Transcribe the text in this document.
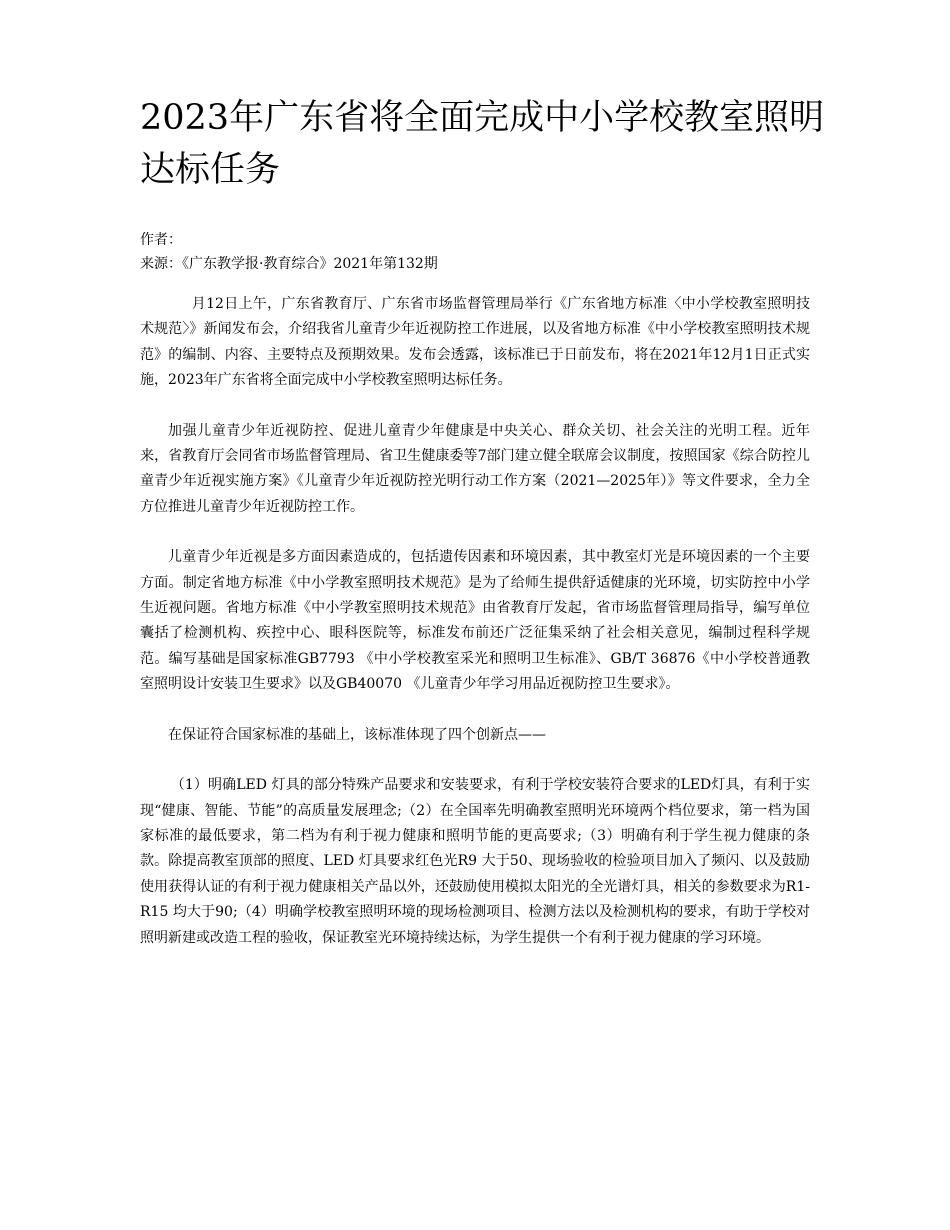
2023年广东省将全面完成中小学校教室照明达标任务
作者：
来源：《广东教学报·教育综合》2021年第132期

月12日上午，广东省教育厅、广东省市场监督管理局举行《广东省地方标准〈中小学校教室照明技术规范〉》新闻发布会，介绍我省儿童青少年近视防控工作进展，以及省地方标准《中小学校教室照明技术规范》的编制、内容、主要特点及预期效果。发布会透露，该标准已于日前发布，将在2021年12月1日正式实施，2023年广东省将全面完成中小学校教室照明达标任务。

加强儿童青少年近视防控、促进儿童青少年健康是中央关心、群众关切、社会关注的光明工程。近年来，省教育厅会同省市场监督管理局、省卫生健康委等7部门建立健全联席会议制度，按照国家《综合防控儿童青少年近视实施方案》《儿童青少年近视防控光明行动工作方案（2021—2025年）》等文件要求，全力全方位推进儿童青少年近视防控工作。

儿童青少年近视是多方面因素造成的，包括遗传因素和环境因素，其中教室灯光是环境因素的一个主要方面。制定省地方标准《中小学教室照明技术规范》是为了给师生提供舒适健康的光环境，切实防控中小学生近视问题。省地方标准《中小学教室照明技术规范》由省教育厅发起，省市场监督管理局指导，编写单位囊括了检测机构、疾控中心、眼科医院等，标准发布前还广泛征集采纳了社会相关意见，编制过程科学规范。编写基础是国家标准GB7793 《中小学校教室采光和照明卫生标准》、GB/T 36876《中小学校普通教室照明设计安装卫生要求》以及GB40070 《儿童青少年学习用品近视防控卫生要求》。

在保证符合国家标准的基础上，该标准体现了四个创新点——

（1）明确LED 灯具的部分特殊产品要求和安装要求，有利于学校安装符合要求的LED灯具，有利于实现“健康、智能、节能”的高质量发展理念;（2）在全国率先明确教室照明光环境两个档位要求，第一档为国家标准的最低要求，第二档为有利于视力健康和照明节能的更高要求;（3）明确有利于学生视力健康的条款。除提高教室顶部的照度、LED 灯具要求红色光R9 大于50、现场验收的检验项目加入了频闪、以及鼓励使用获得认证的有利于视力健康相关产品以外，还鼓励使用模拟太阳光的全光谱灯具，相关的参数要求为R1-R15 均大于90;（4）明确学校教室照明环境的现场检测项目、检测方法以及检测机构的要求，有助于学校对照明新建或改造工程的验收，保证教室光环境持续达标，为学生提供一个有利于视力健康的学习环境。
